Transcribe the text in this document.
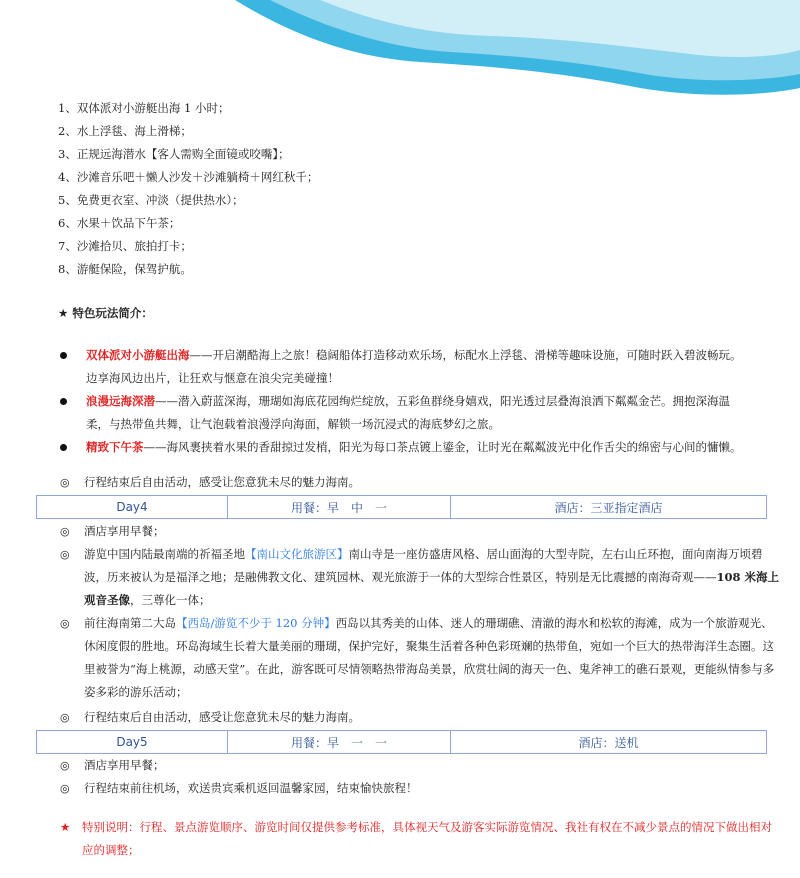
1、双体派对小游艇出海 1 小时；
2、水上浮毯、海上滑梯；
3、正规远海潜水【客人需购全面镜或咬嘴】；
4、沙滩音乐吧＋懒人沙发＋沙滩躺椅＋网红秋千；
5、免费更衣室、冲淡（提供热水）；
6、水果＋饮品下午茶；
7、沙滩拾贝、旅拍打卡；
8、游艇保险，保驾护航。
★ 特色玩法简介：
双体派对小游艇出海——开启潮酷海上之旅！稳阔船体打造移动欢乐场，标配水上浮毯、滑梯等趣味设施，可随时跃入碧波畅玩。边享海风边出片，让狂欢与惬意在浪尖完美碰撞！
浪漫远海深潜——潜入蔚蓝深海，珊瑚如海底花园绚烂绽放，五彩鱼群绕身嬉戏，阳光透过层叠海浪洒下粼粼金芒。拥抱深海温柔，与热带鱼共舞，让气泡载着浪漫浮向海面，解锁一场沉浸式的海底梦幻之旅。
精致下午茶——海风裹挟着水果的香甜掠过发梢，阳光为每口茶点镀上鎏金，让时光在粼粼波光中化作舌尖的绵密与心间的慵懒。
◎ 行程结束后自由活动，感受让您意犹未尽的魅力海南。
Day4	用餐：早　中　一	酒店：三亚指定酒店
◎ 酒店享用早餐；
◎ 游览中国内陆最南端的祈福圣地【南山文化旅游区】南山寺是一座仿盛唐风格、居山面海的大型寺院，左右山丘环抱，面向南海万顷碧波，历来被认为是福泽之地；是融佛教文化、建筑园林、观光旅游于一体的大型综合性景区，特别是无比震撼的南海奇观——108 米海上观音圣像，三尊化一体；
◎ 前往海南第二大岛【西岛/游览不少于 120 分钟】西岛以其秀美的山体、迷人的珊瑚礁、清澈的海水和松软的海滩，成为一个旅游观光、休闲度假的胜地。环岛海域生长着大量美丽的珊瑚，保护完好，聚集生活着各种色彩斑斓的热带鱼，宛如一个巨大的热带海洋生态圈。这里被誉为“海上桃源，动感天堂”。在此，游客既可尽情领略热带海岛美景，欣赏壮阔的海天一色、鬼斧神工的礁石景观，更能纵情参与多姿多彩的游乐活动；
◎ 行程结束后自由活动，感受让您意犹未尽的魅力海南。
Day5	用餐：早　一　一	酒店：送机
◎ 酒店享用早餐；
◎ 行程结束前往机场，欢送贵宾乘机返回温馨家园，结束愉快旅程！
★ 特别说明：行程、景点游览顺序、游览时间仅提供参考标准，具体视天气及游客实际游览情况、我社有权在不减少景点的情况下做出相对应的调整；
